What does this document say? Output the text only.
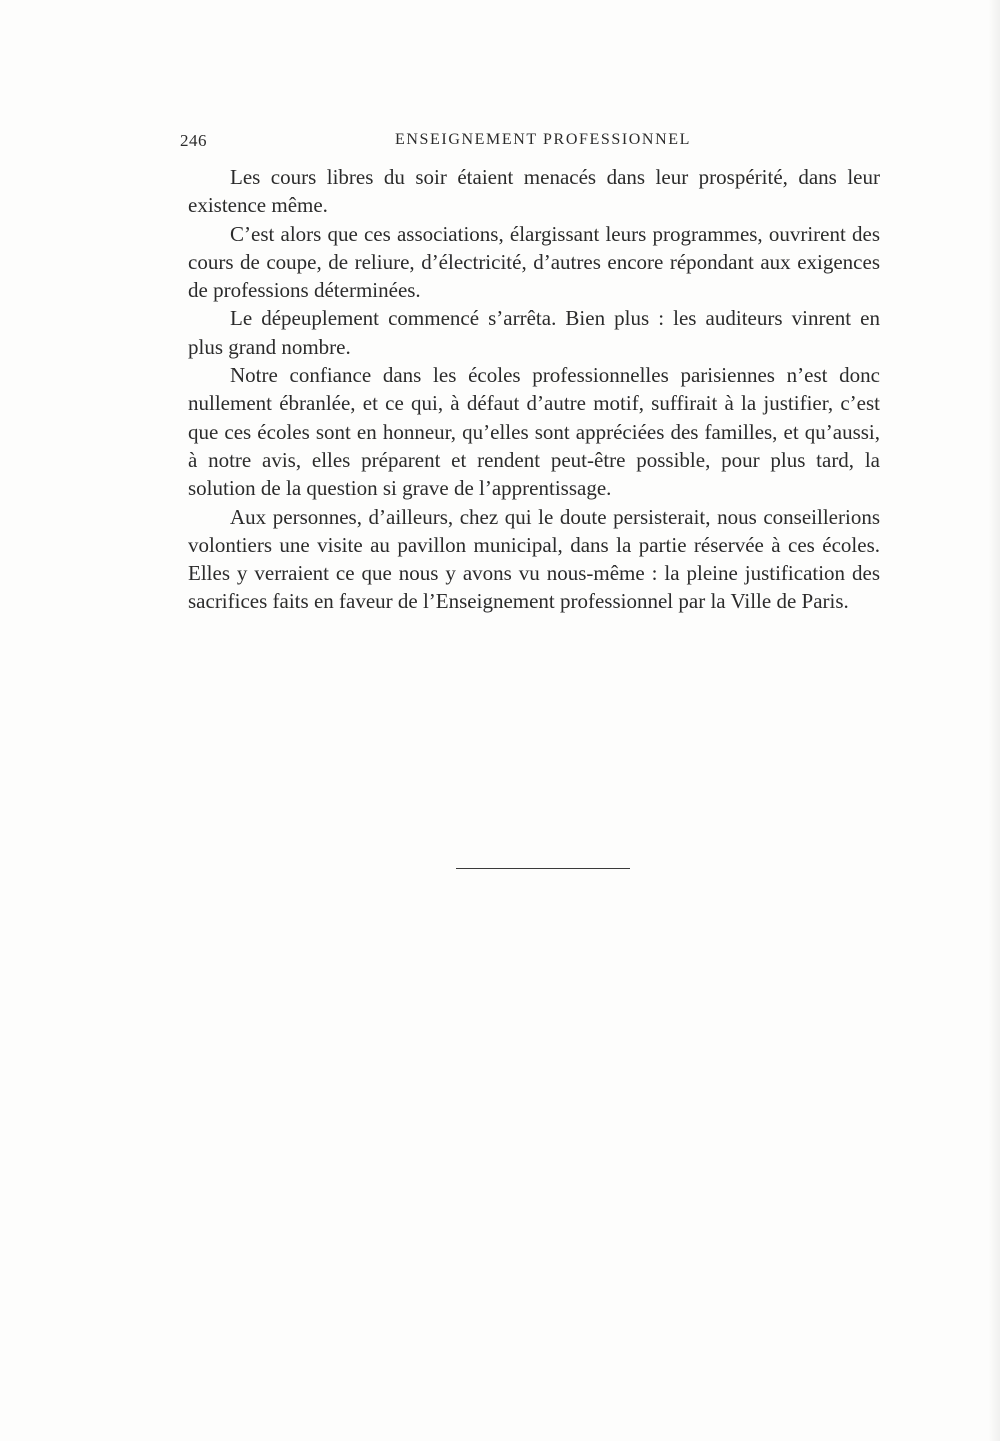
246	ENSEIGNEMENT PROFESSIONNEL

Les cours libres du soir étaient menacés dans leur prospérité, dans leur existence même.

C’est alors que ces associations, élargissant leurs programmes, ouvrirent des cours de coupe, de reliure, d’électricité, d’autres encore répondant aux exigences de professions déterminées.

Le dépeuplement commencé s’arrêta. Bien plus : les auditeurs vinrent en plus grand nombre.

Notre confiance dans les écoles professionnelles parisiennes n’est donc nullement ébranlée, et ce qui, à défaut d’autre motif, suffirait à la justifier, c’est que ces écoles sont en honneur, qu’elles sont appréciées des familles, et qu’aussi, à notre avis, elles préparent et rendent peut-être possible, pour plus tard, la solution de la question si grave de l’apprentissage.

Aux personnes, d’ailleurs, chez qui le doute persisterait, nous conseillerions volontiers une visite au pavillon municipal, dans la partie réservée à ces écoles. Elles y verraient ce que nous y avons vu nous-même : la pleine justification des sacrifices faits en faveur de l’Enseignement professionnel par la Ville de Paris.
